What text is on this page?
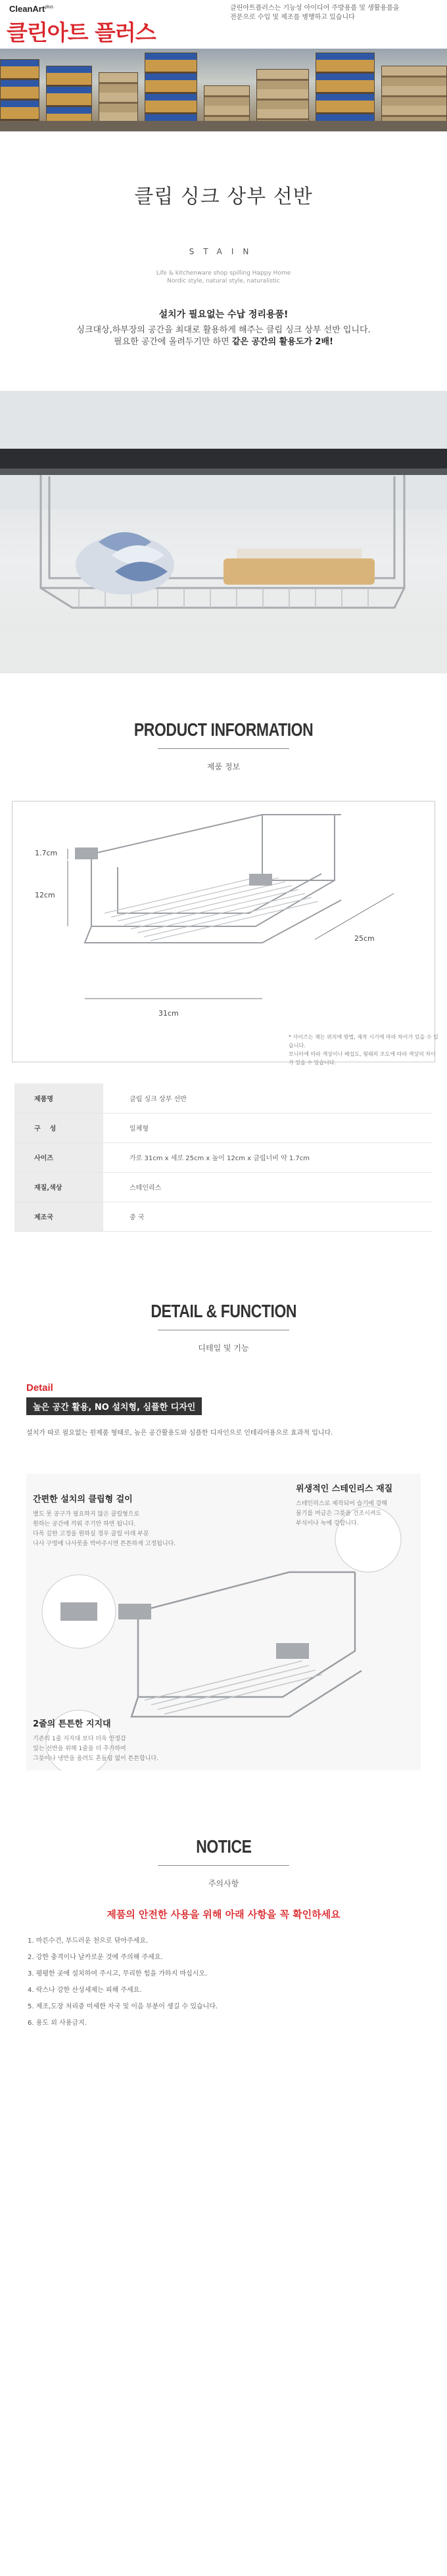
CleanArt$^{plus}$
클린아트 플러스
클린아트플러스는 기능성 아이디어 주방용품 및 생활용품을
전문으로 수입 및 제조를 병행하고 있습니다
클립 싱크 상부 선반
STAIN
Life & kitchenware shop spilling Happy Home
Nordic style, natural style, naturalistic
설치가 필요없는 수납 정리용품!
싱크대상,하부장의 공간을 최대로 활용하게 해주는 클립 싱크 상부 선반 입니다.
필요한 공간에 올려두기만 하면 같은 공간의 활용도가 2배!
PRODUCT INFORMATION
제품 정보
1.7cm
12cm
31cm
25cm
* 사이즈는 재는 위치에 방법, 제작 시기에 따라 차이가 있을 수 있습니다.
모니터에 따라 색상이나 배섭도, 형태의 조도에 따라 색상의 차이가 있을 수 있습니다.
제품명	클립 싱크 상부 선반
구    성	일체형
사이즈	가로 31cm x 세로 25cm x 높이 12cm x 클립너비 약 1.7cm
재질,색상	스테인리스
제조국	중 국
DETAIL & FUNCTION
디테일 및 기능
Detail
높은 공간 활용, NO 설치형, 심플한 디자인
설치가 따로 필요없는 원제품 형태로, 높은 공간활용도와 심플한 디자인으로 인테리어용으로 효과적 입니다.
간편한 설치의 클립형 걸이

별도 못 공구가 필요하지 않은 클립형으로
원하는 공간에 끼워 주기만 하면 됩니다.
다목 깊한 고정을 원하실 경우 클립 아래 부분
나사 구멍에 나사못을 박아주시면 튼튼하게 고정됩니다.

위생적인 스테인리스 재질

스테인리스로 제작되어 습기에 강해
물기를 머금은 그릇을 건조시켜도
부식이나 녹에 강합니다.

2줄의 튼튼한 지지대

기존의 1줄 지지대 보다 더욱 안정감
있는 선반을 위해 1줄을 더 추가하여
그릇이나 냉반을 올려도 흔들림 없이 튼튼합니다.

NOTICE
주의사항
제품의 안전한 사용을 위해 아래 사항을 꼭 확인하세요
1. 마른수건, 부드러운 천으로 닦아주세요.
2. 강한 충격이나 날카로운 것에 주의해 주세요.
3. 평평한 곳에 설치하여 주시고, 무리한 힘을 가하지 마십시오.
4. 락스나 강한 산성세제는 피해 주세요.
5. 제조,도장 처리중 미세한 자국 및 이음 부분이 생길 수 있습니다.
6. 용도 외 사용금지.
